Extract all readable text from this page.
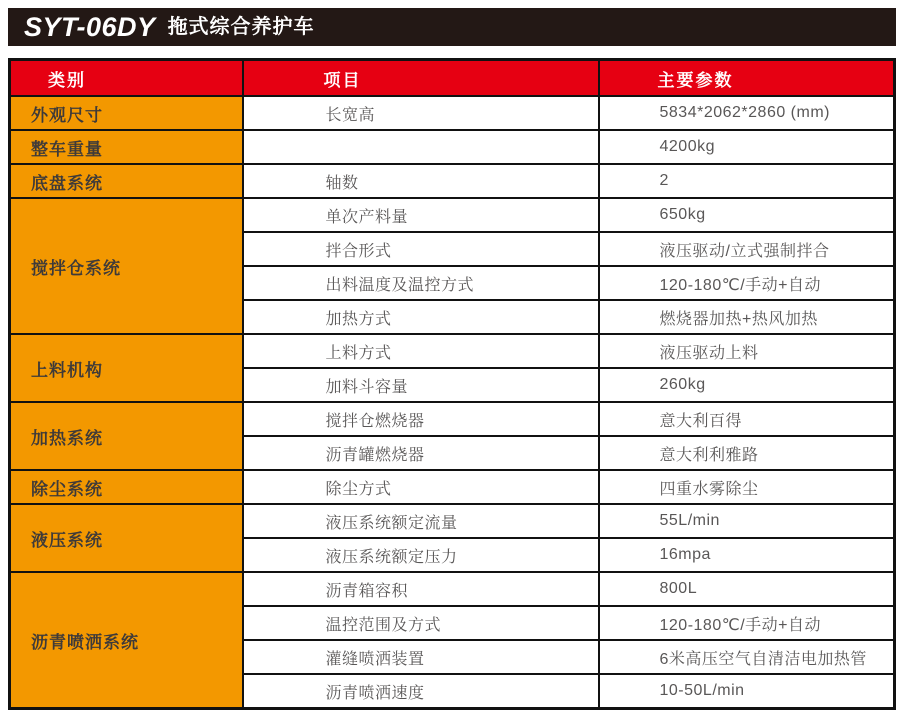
SYT-06DY 拖式综合养护车
类别	项目	主要参数
外观尺寸	长宽高	5834*2062*2860 (mm)
整车重量		4200kg
底盘系统	轴数	2
搅拌仓系统	单次产料量	650kg
	拌合形式	液压驱动/立式强制拌合
	出料温度及温控方式	120-180℃/手动+自动
	加热方式	燃烧器加热+热风加热
上料机构	上料方式	液压驱动上料
	加料斗容量	260kg
加热系统	搅拌仓燃烧器	意大利百得
	沥青罐燃烧器	意大利利雅路
除尘系统	除尘方式	四重水雾除尘
液压系统	液压系统额定流量	55L/min
	液压系统额定压力	16mpa
沥青喷洒系统	沥青箱容积	800L
	温控范围及方式	120-180℃/手动+自动
	灌缝喷洒装置	6米高压空气自清洁电加热管
	沥青喷洒速度	10-50L/min
